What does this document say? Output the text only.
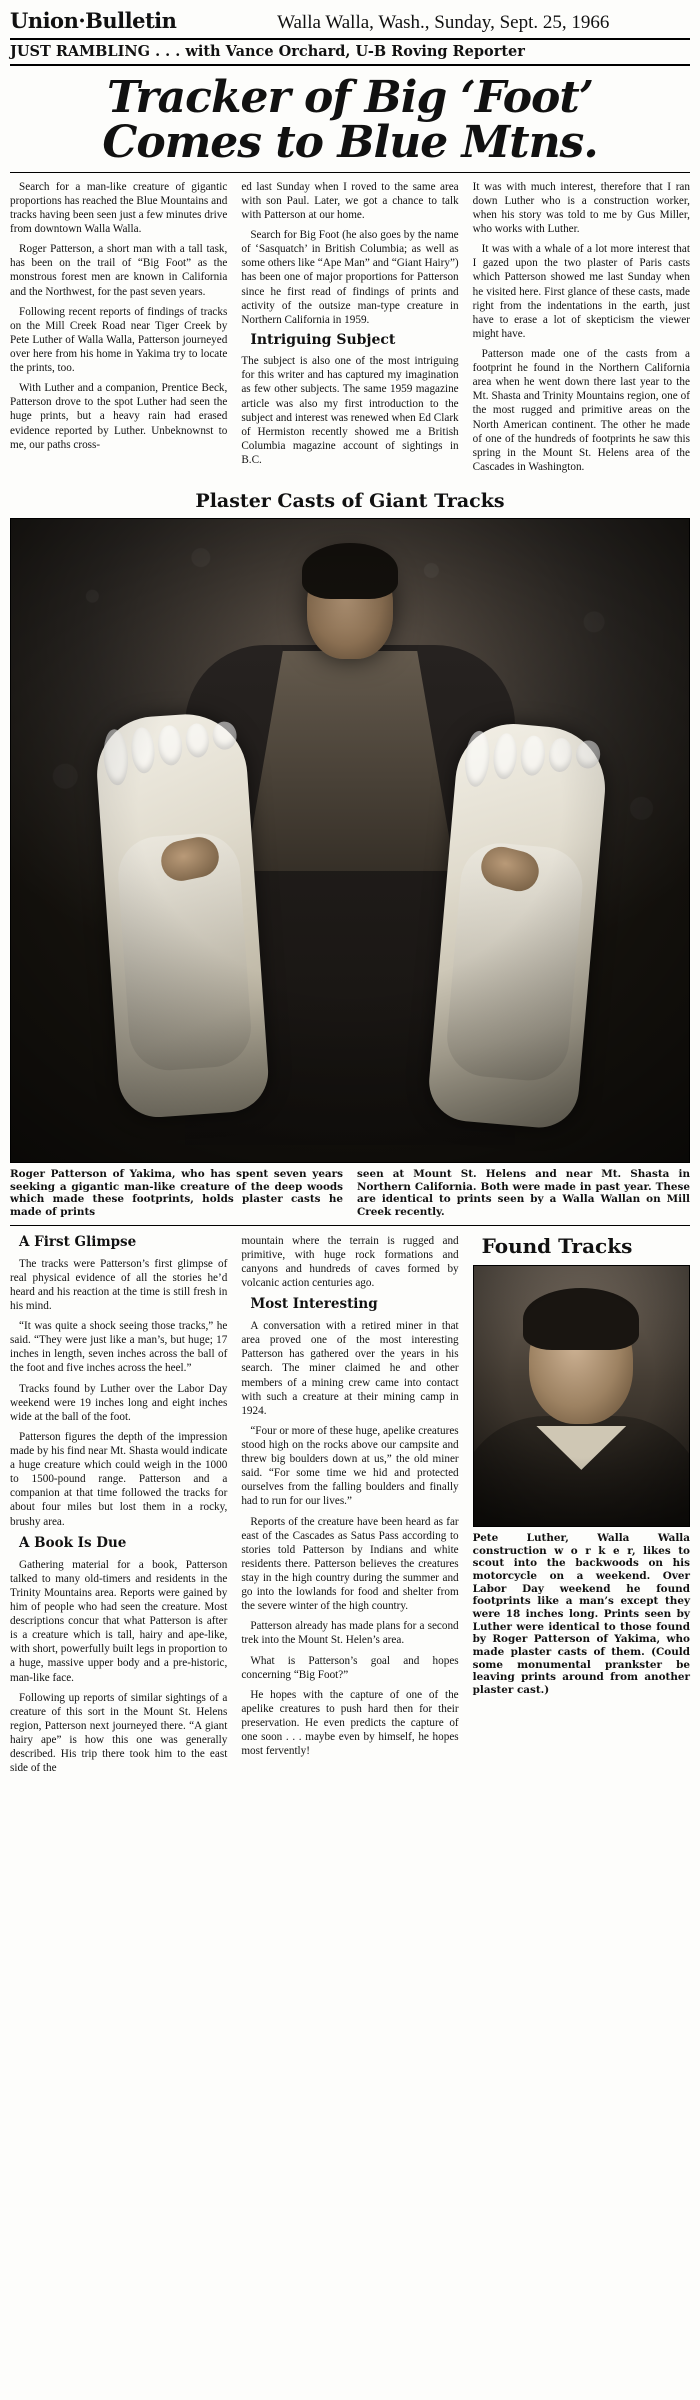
Union·Bulletin	Walla Walla, Wash., Sunday, Sept. 25, 1966
JUST RAMBLING . . . with Vance Orchard, U-B Roving Reporter
Tracker of Big ‘Foot’
Comes to Blue Mtns.

Search for a man-like creature of gigantic proportions has reached the Blue Mountains and tracks having been seen just a few minutes drive from downtown Walla Walla.

Roger Patterson, a short man with a tall task, has been on the trail of “Big Foot” as the monstrous forest men are known in California and the Northwest, for the past seven years.

Following recent reports of findings of tracks on the Mill Creek Road near Tiger Creek by Pete Luther of Walla Walla, Patterson journeyed over here from his home in Yakima try to locate the prints, too.

With Luther and a companion, Prentice Beck, Patterson drove to the spot Luther had seen the huge prints, but a heavy rain had erased evidence reported by Luther. Unbeknownst to me, our paths cross-

ed last Sunday when I roved to the same area with son Paul. Later, we got a chance to talk with Patterson at our home.

Search for Big Foot (he also goes by the name of ‘Sasquatch’ in British Columbia; as well as some others like “Ape Man” and “Giant Hairy”) has been one of major proportions for Patterson since he first read of findings of prints and activity of the outsize man-type creature in Northern California in 1959.

Intriguing Subject

The subject is also one of the most intriguing for this writer and has captured my imagination as few other subjects. The same 1959 magazine article was also my first introduction to the subject and interest was renewed when Ed Clark of Hermiston recently showed me a British Columbia magazine account of sightings in B.C.

It was with much interest, therefore that I ran down Luther who is a construction worker, when his story was told to me by Gus Miller, who works with Luther.

It was with a whale of a lot more interest that I gazed upon the two plaster of Paris casts which Patterson showed me last Sunday when he visited here. First glance of these casts, made right from the indentations in the earth, just have to erase a lot of skepticism the viewer might have.

Patterson made one of the casts from a footprint he found in the Northern California area when he went down there last year to the Mt. Shasta and Trinity Mountains region, one of the most rugged and primitive areas on the North American continent. The other he made of one of the hundreds of footprints he saw this spring in the Mount St. Helens area of the Cascades in Washington.

Plaster Casts of Giant Tracks
Roger Patterson of Yakima, who has spent seven years seeking a gigantic man-like creature of the deep woods which made these footprints, holds plaster casts he made of prints
seen at Mount St. Helens and near Mt. Shasta in Northern California. Both were made in past year. These are identical to prints seen by a Walla Wallan on Mill Creek recently.

A First Glimpse

The tracks were Patterson’s first glimpse of real physical evidence of all the stories he’d heard and his reaction at the time is still fresh in his mind.

“It was quite a shock seeing those tracks,” he said. “They were just like a man’s, but huge; 17 inches in length, seven inches across the ball of the foot and five inches across the heel.”

Tracks found by Luther over the Labor Day weekend were 19 inches long and eight inches wide at the ball of the foot.

Patterson figures the depth of the impression made by his find near Mt. Shasta would indicate a huge creature which could weigh in the 1000 to 1500-pound range. Patterson and a companion at that time followed the tracks for about four miles but lost them in a rocky, brushy area.

A Book Is Due

Gathering material for a book, Patterson talked to many old-timers and residents in the Trinity Mountains area. Reports were gained by him of people who had seen the creature. Most descriptions concur that what Patterson is after is a creature which is tall, hairy and ape-like, with short, powerfully built legs in proportion to a huge, massive upper body and a pre-historic, man-like face.

Following up reports of similar sightings of a creature of this sort in the Mount St. Helens region, Patterson next journeyed there. “A giant hairy ape” is how this one was generally described. His trip there took him to the east side of the

mountain where the terrain is rugged and primitive, with huge rock formations and canyons and hundreds of caves formed by volcanic action centuries ago.

Most Interesting

A conversation with a retired miner in that area proved one of the most interesting Patterson has gathered over the years in his search. The miner claimed he and other members of a mining crew came into contact with such a creature at their mining camp in 1924.

“Four or more of these huge, apelike creatures stood high on the rocks above our campsite and threw big boulders down at us,” the old miner said. “For some time we hid and protected ourselves from the falling boulders and finally had to run for our lives.”

Reports of the creature have been heard as far east of the Cascades as Satus Pass according to stories told Patterson by Indians and white residents there. Patterson believes the creatures stay in the high country during the summer and go into the lowlands for food and shelter from the severe winter of the high country.

Patterson already has made plans for a second trek into the Mount St. Helen’s area.

What is Patterson’s goal and hopes concerning “Big Foot?”

He hopes with the capture of one of the apelike creatures to push hard then for their preservation. He even predicts the capture of one soon . . . maybe even by himself, he hopes most fervently!

Found Tracks

Pete Luther, Walla Walla construction w o r k e r, likes to scout into the backwoods on his motorcycle on a weekend. Over Labor Day weekend he found footprints like a man’s except they were 18 inches long. Prints seen by Luther were identical to those found by Roger Patterson of Yakima, who made plaster casts of them. (Could some monumental prankster be leaving prints around from another plaster cast.)
